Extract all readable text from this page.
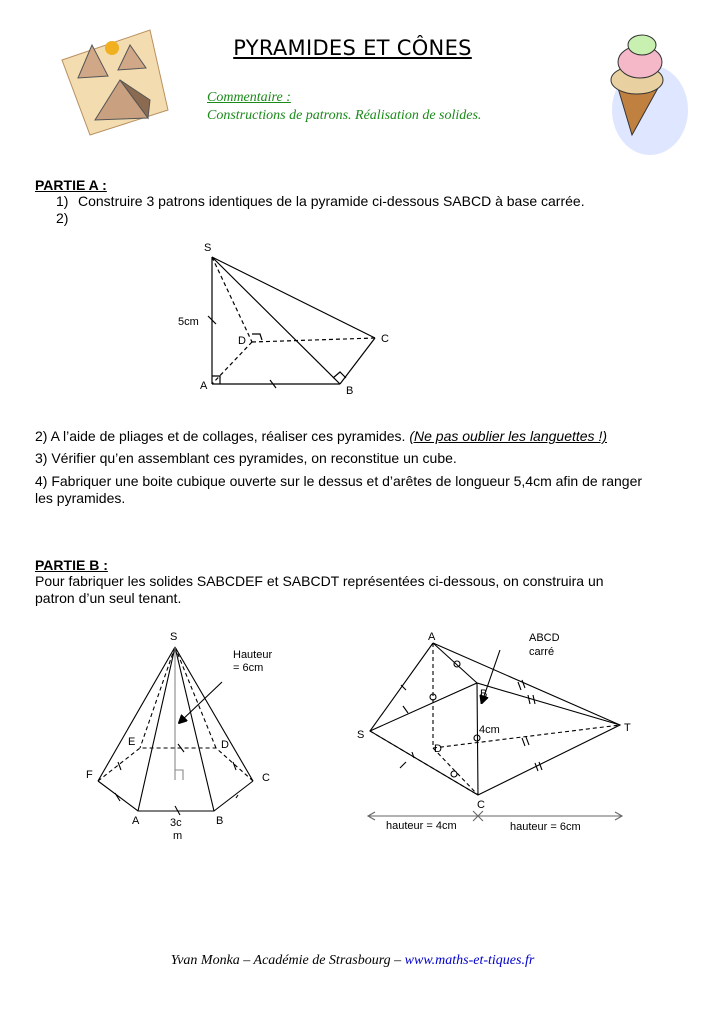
PYRAMIDES ET CÔNES
Commentaire :
Constructions de patrons. Réalisation de solides.
PARTIE A :
1) Construire 3 patrons identiques de la pyramide ci-dessous SABCD à base carrée.
2)
S
A	B
C
D
5cm
2) A l’aide de pliages et de collages, réaliser ces pyramides. (Ne pas oublier les languettes !)
3) Vérifier qu’en assemblant ces pyramides, on reconstitue un cube.
4) Fabriquer une boite cubique ouverte sur le dessus et d’arêtes de longueur 5,4cm afin de ranger
les pyramides.
PARTIE B :
Pour fabriquer les solides SABCDEF et SABCDT représentées ci-dessous, on construira un
patron d’un seul tenant.
S
E	D
F	C
A	B
3c
m
Hauteur
= 6cm
A
B
C
D
S
T
ABCD
carré
4cm
hauteur = 4cm	hauteur = 6cm
Yvan Monka – Académie de Strasbourg – www.maths-et-tiques.fr
